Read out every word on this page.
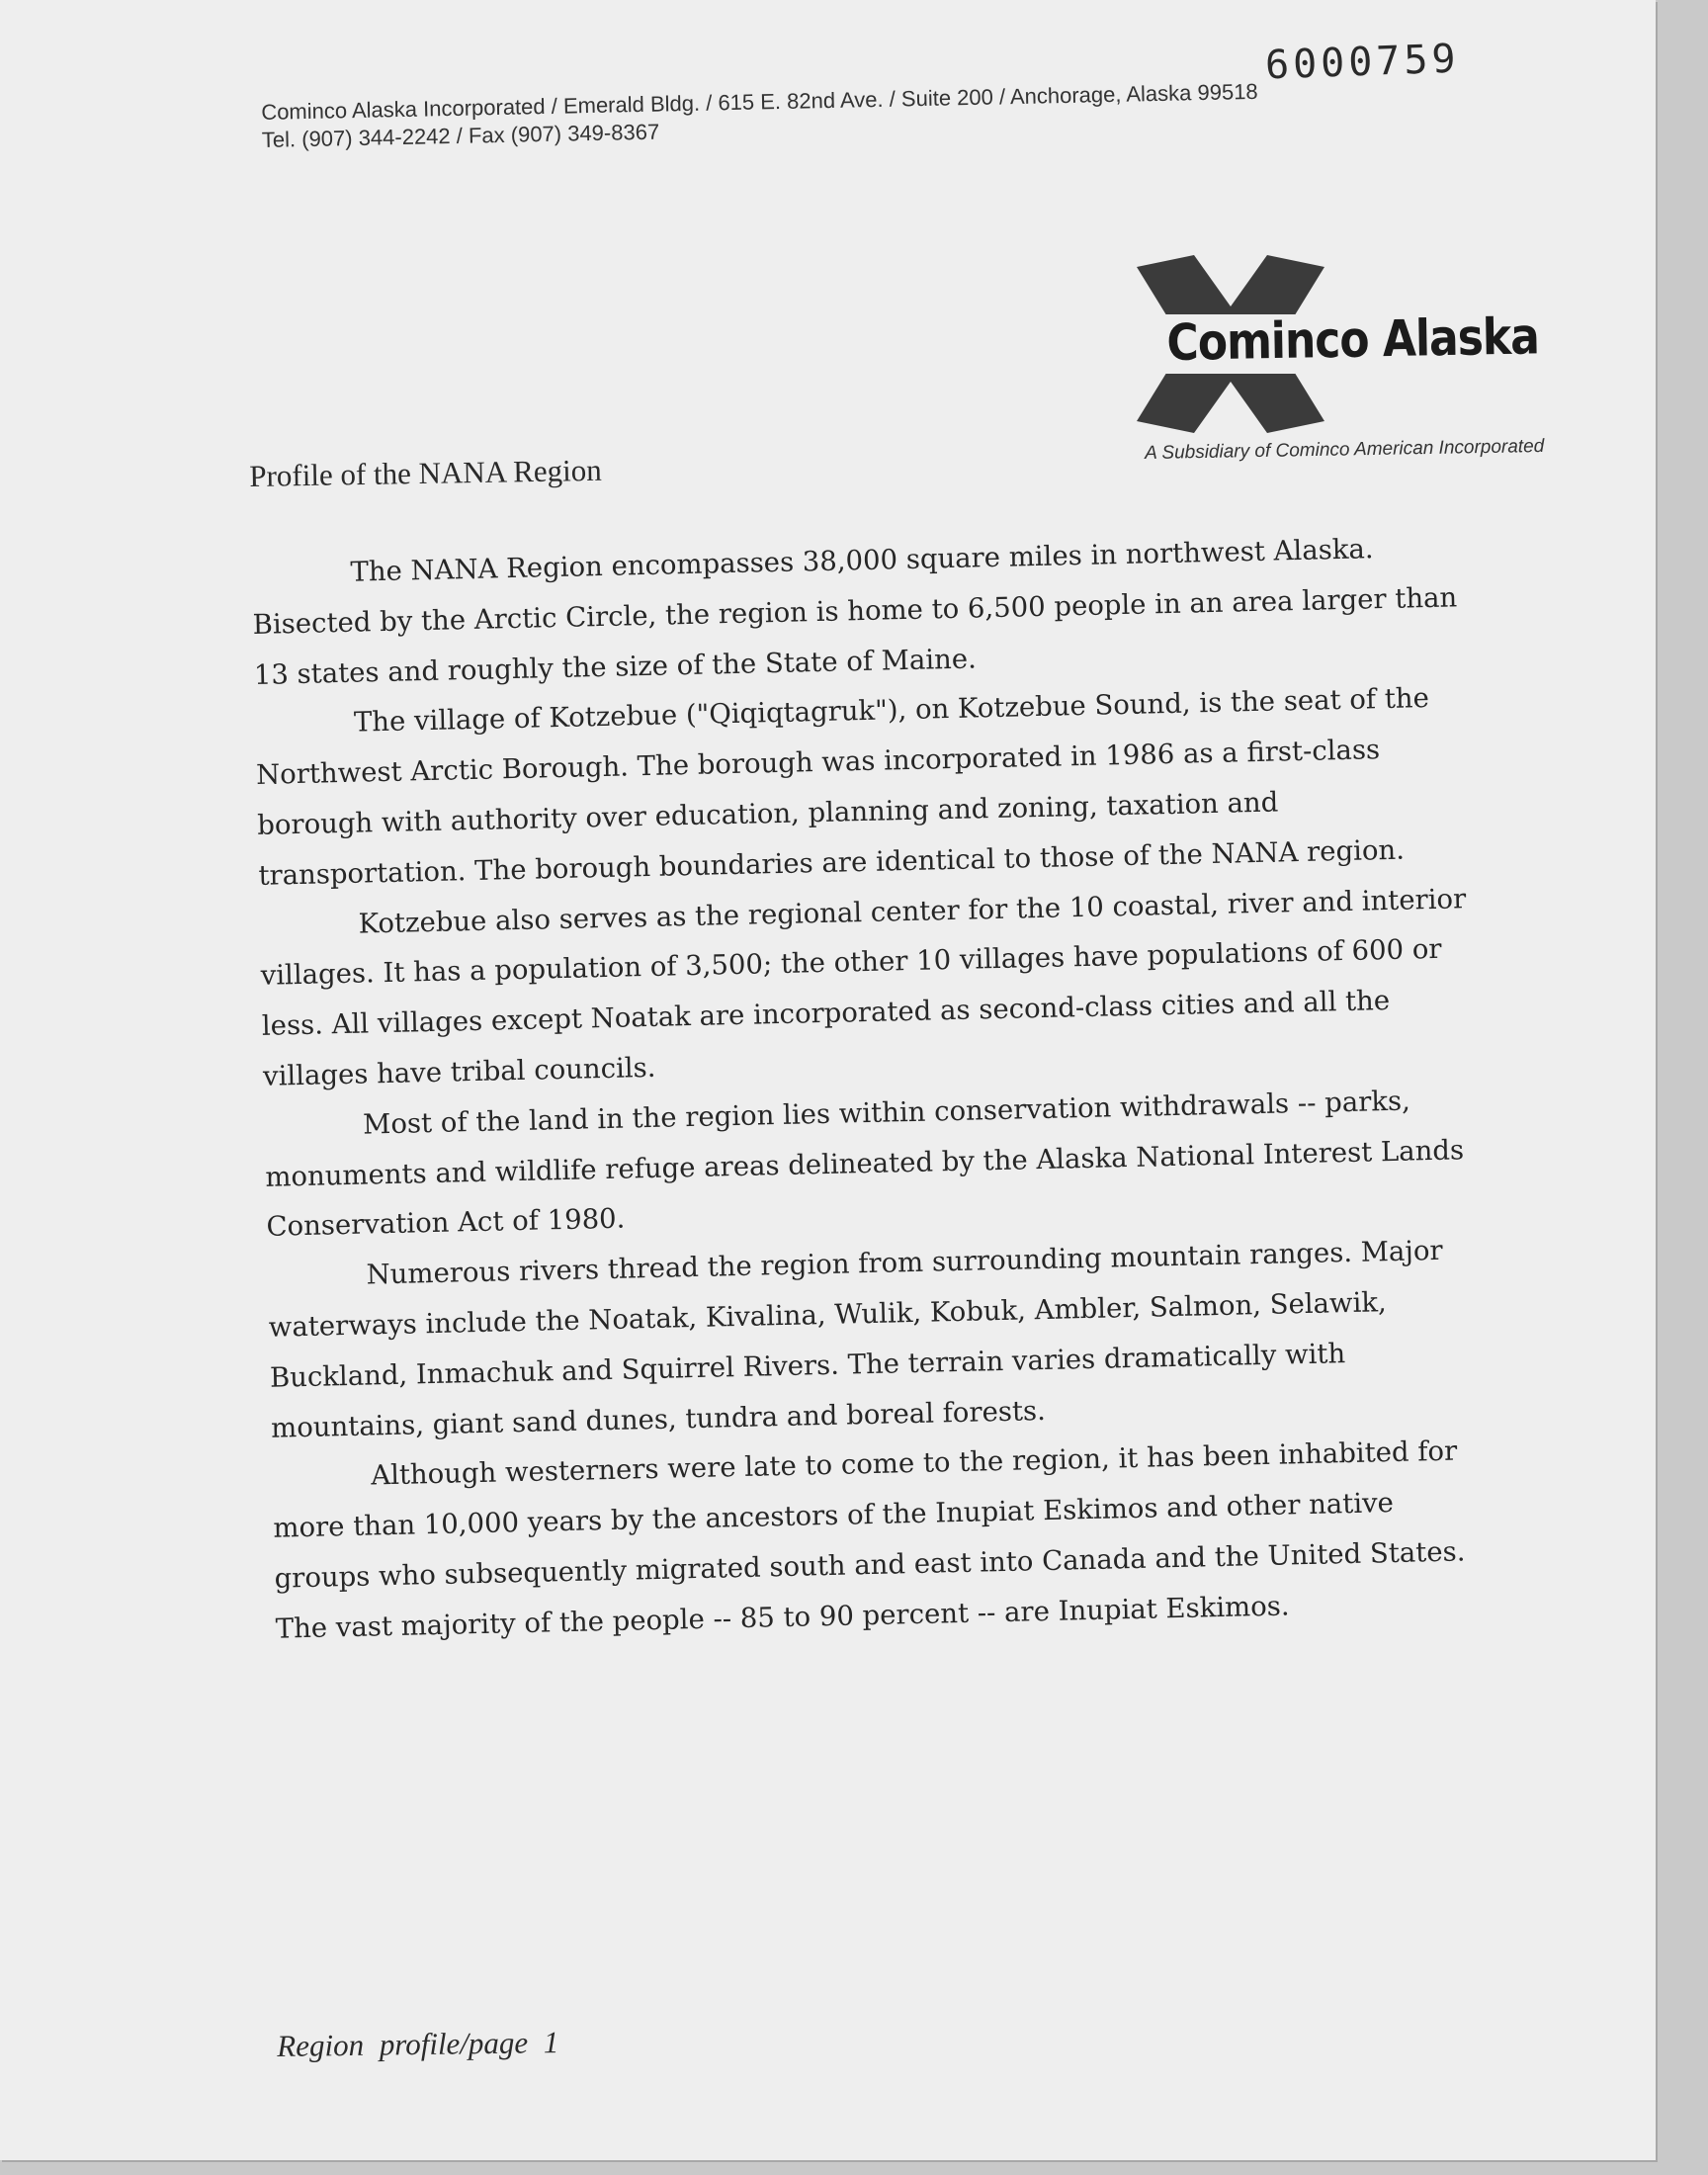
6000759
Cominco Alaska Incorporated / Emerald Bldg. / 615 E. 82nd Ave. / Suite 200 / Anchorage, Alaska 99518
Tel. (907) 344-2242 / Fax (907) 349-8367
Cominco Alaska
A Subsidiary of Cominco American Incorporated
Profile of the NANA Region

The NANA Region encompasses 38,000 square miles in northwest Alaska. Bisected by the Arctic Circle, the region is home to 6,500 people in an area larger than 13 states and roughly the size of the State of Maine.

The village of Kotzebue ("Qiqiqtagruk"), on Kotzebue Sound, is the seat of the Northwest Arctic Borough. The borough was incorporated in 1986 as a first-class borough with authority over education, planning and zoning, taxation and transportation. The borough boundaries are identical to those of the NANA region.

Kotzebue also serves as the regional center for the 10 coastal, river and interior villages. It has a population of 3,500; the other 10 villages have populations of 600 or less. All villages except Noatak are incorporated as second-class cities and all the villages have tribal councils.

Most of the land in the region lies within conservation withdrawals -- parks, monuments and wildlife refuge areas delineated by the Alaska National Interest Lands Conservation Act of 1980.

Numerous rivers thread the region from surrounding mountain ranges. Major waterways include the Noatak, Kivalina, Wulik, Kobuk, Ambler, Salmon, Selawik, Buckland, Inmachuk and Squirrel Rivers. The terrain varies dramatically with mountains, giant sand dunes, tundra and boreal forests.

Although westerners were late to come to the region, it has been inhabited for more than 10,000 years by the ancestors of the Inupiat Eskimos and other native groups who subsequently migrated south and east into Canada and the United States. The vast majority of the people -- 85 to 90 percent -- are Inupiat Eskimos.

Region profile/page 1
